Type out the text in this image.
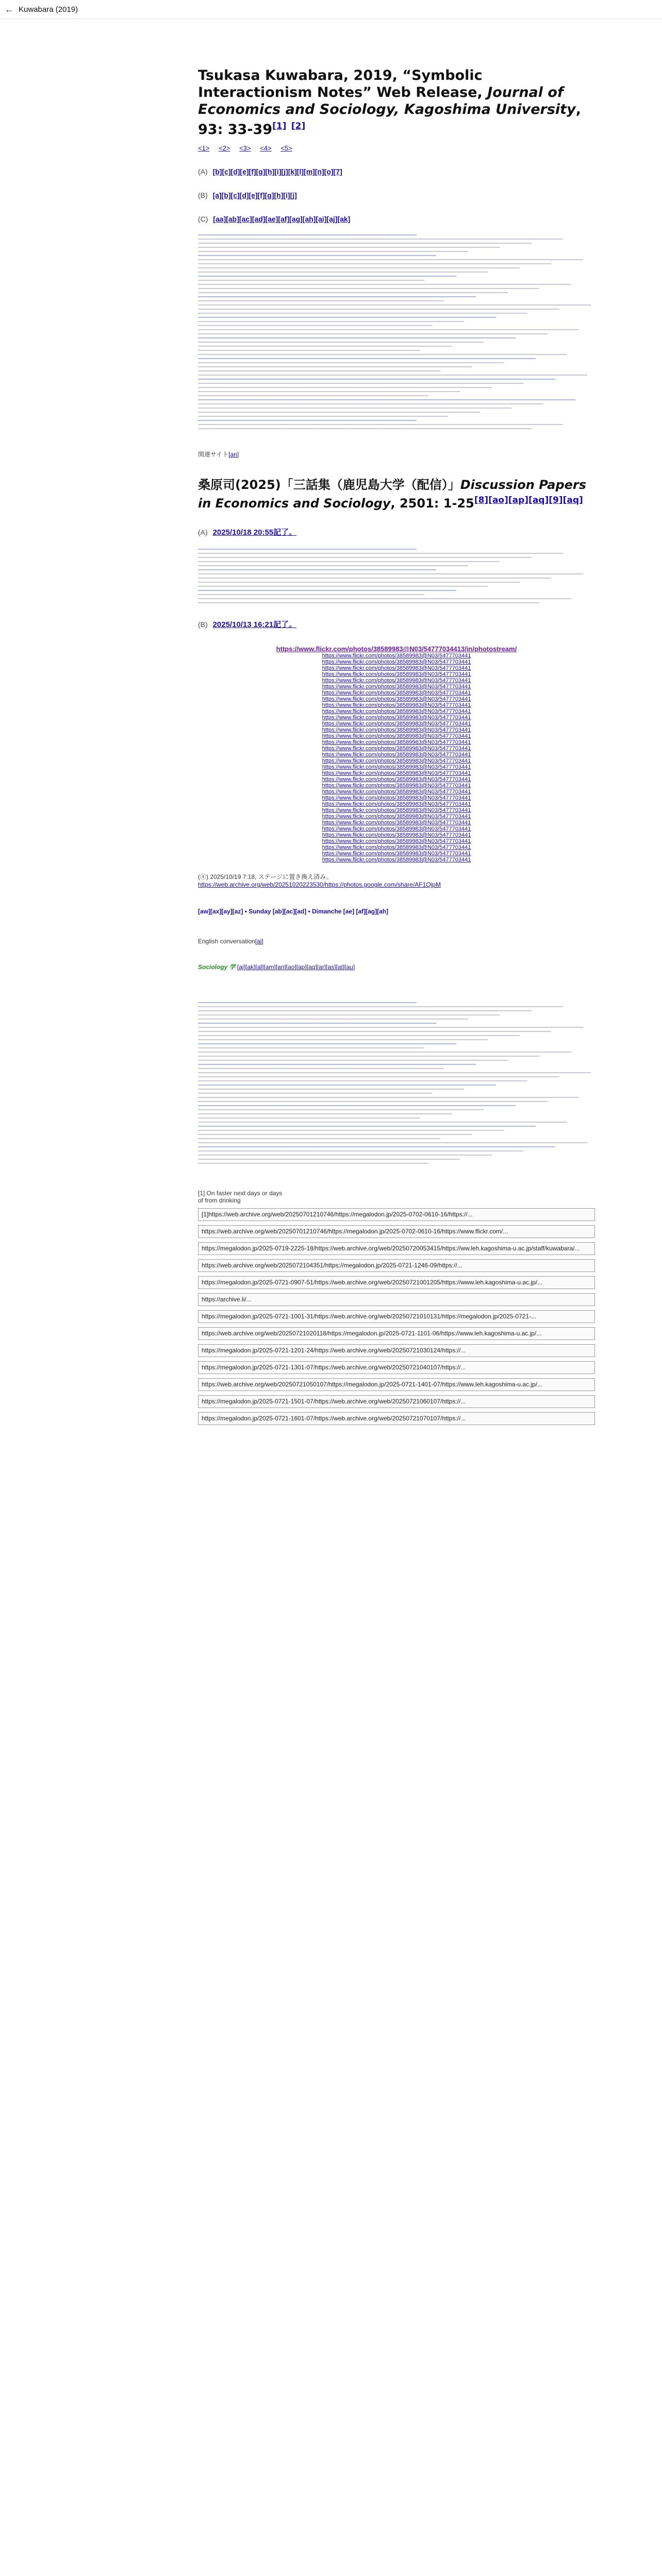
← Kuwabara (2019)
Tsukasa Kuwabara, 2019, “Symbolic Interactionism Notes” Web Release, Journal of Economics and Sociology, Kagoshima University, 93: 33-39[1] [2]
<1> <2> <3> <4> <5>
(A) [b][c][d][e][f][g][h][i][j][k][l][m][n][o][7]
(B) [a][b][c][d][e][f][g][h][i][j]
(C) [aa][ab][ac][ad][ae][af][ag][ah][ai][aj][ak]
関連サイト[an]
桑原司(2025)「三話集（鹿児島大学（配信）」Discussion Papers in Economics and Sociology, 2501: 1-25[8][ao][ap][aq][9][aq]
(A) 2025/10/18 20:55記了。
(B) 2025/10/13 16:21記了。
https://www.flickr.com/photos/38589983@N03/54777034413/in/photostream/
https://www.flickr.com/photos/38589983@N03/5477703441
https://www.flickr.com/photos/38589983@N03/5477703441
https://www.flickr.com/photos/38589983@N03/5477703441
https://www.flickr.com/photos/38589983@N03/5477703441
https://www.flickr.com/photos/38589983@N03/5477703441
https://www.flickr.com/photos/38589983@N03/5477703441
https://www.flickr.com/photos/38589983@N03/5477703441
https://www.flickr.com/photos/38589983@N03/5477703441
https://www.flickr.com/photos/38589983@N03/5477703441
https://www.flickr.com/photos/38589983@N03/5477703441
https://www.flickr.com/photos/38589983@N03/5477703441
https://www.flickr.com/photos/38589983@N03/5477703441
https://www.flickr.com/photos/38589983@N03/5477703441
https://www.flickr.com/photos/38589983@N03/5477703441
https://www.flickr.com/photos/38589983@N03/5477703441
https://www.flickr.com/photos/38589983@N03/5477703441
https://www.flickr.com/photos/38589983@N03/5477703441
https://www.flickr.com/photos/38589983@N03/5477703441
https://www.flickr.com/photos/38589983@N03/5477703441
https://www.flickr.com/photos/38589983@N03/5477703441
https://www.flickr.com/photos/38589983@N03/5477703441
https://www.flickr.com/photos/38589983@N03/5477703441
https://www.flickr.com/photos/38589983@N03/5477703441
https://www.flickr.com/photos/38589983@N03/5477703441
https://www.flickr.com/photos/38589983@N03/5477703441
https://www.flickr.com/photos/38589983@N03/5477703441
https://www.flickr.com/photos/38589983@N03/5477703441
https://www.flickr.com/photos/38589983@N03/5477703441
https://www.flickr.com/photos/38589983@N03/5477703441
https://www.flickr.com/photos/38589983@N03/5477703441
https://www.flickr.com/photos/38589983@N03/5477703441
https://www.flickr.com/photos/38589983@N03/5477703441
https://www.flickr.com/photos/38589983@N03/5477703441
https://www.flickr.com/photos/38589983@N03/5477703441
(④) 2025/10/19 7:18, ステージに置き換え済み。
https://web.archive.org/web/20251020223530/https://photos.google.com/share/AF1QipM
[aw][ax][ay][az] • Sunday [ab][ac][ad] • Dimanche [ae] [af][ag][ah]
English conversation[ai]
Sociology 学 [aj][ak][al][am][an][ao][ap][aq][ar][as][at][au]
[1] On faster next days or days
of from drinking
[1]https://web.archive.org/web/20250701210746/https://megalodon.jp/2025-0702-0610-16/https://...
https://web.archive.org/web/20250701210746/https://megalodon.jp/2025-0702-0610-16/https://www.flickr.com/...
https://megalodon.jp/2025-0719-2225-18/https://web.archive.org/web/20250720053415/https://ww.leh.kagoshima-u.ac.jp/staff/kuwabara/...
https://web.archive.org/web/2025072104351/https://megalodon.jp/2025-0721-1246-09/https://...
https://megalodon.jp/2025-0721-0907-51/https://web.archive.org/web/20250721001205/https://www.leh.kagoshima-u.ac.jp/...
https://archive.li/...
https://megalodon.jp/2025-0721-1001-31/https://web.archive.org/web/20250721010131/https://megalodon.jp/2025-0721-...
https://web.archive.org/web/20250721020118/https://megalodon.jp/2025-0721-1101-06/https://www.leh.kagoshima-u.ac.jp/...
https://megalodon.jp/2025-0721-1201-24/https://web.archive.org/web/20250721030124/https://...
https://megalodon.jp/2025-0721-1301-07/https://web.archive.org/web/20250721040107/https://...
https://web.archive.org/web/20250721050107/https://megalodon.jp/2025-0721-1401-07/https://www.leh.kagoshima-u.ac.jp/...
https://megalodon.jp/2025-0721-1501-07/https://web.archive.org/web/20250721060107/https://...
https://megalodon.jp/2025-0721-1601-07/https://web.archive.org/web/20250721070107/https://...
